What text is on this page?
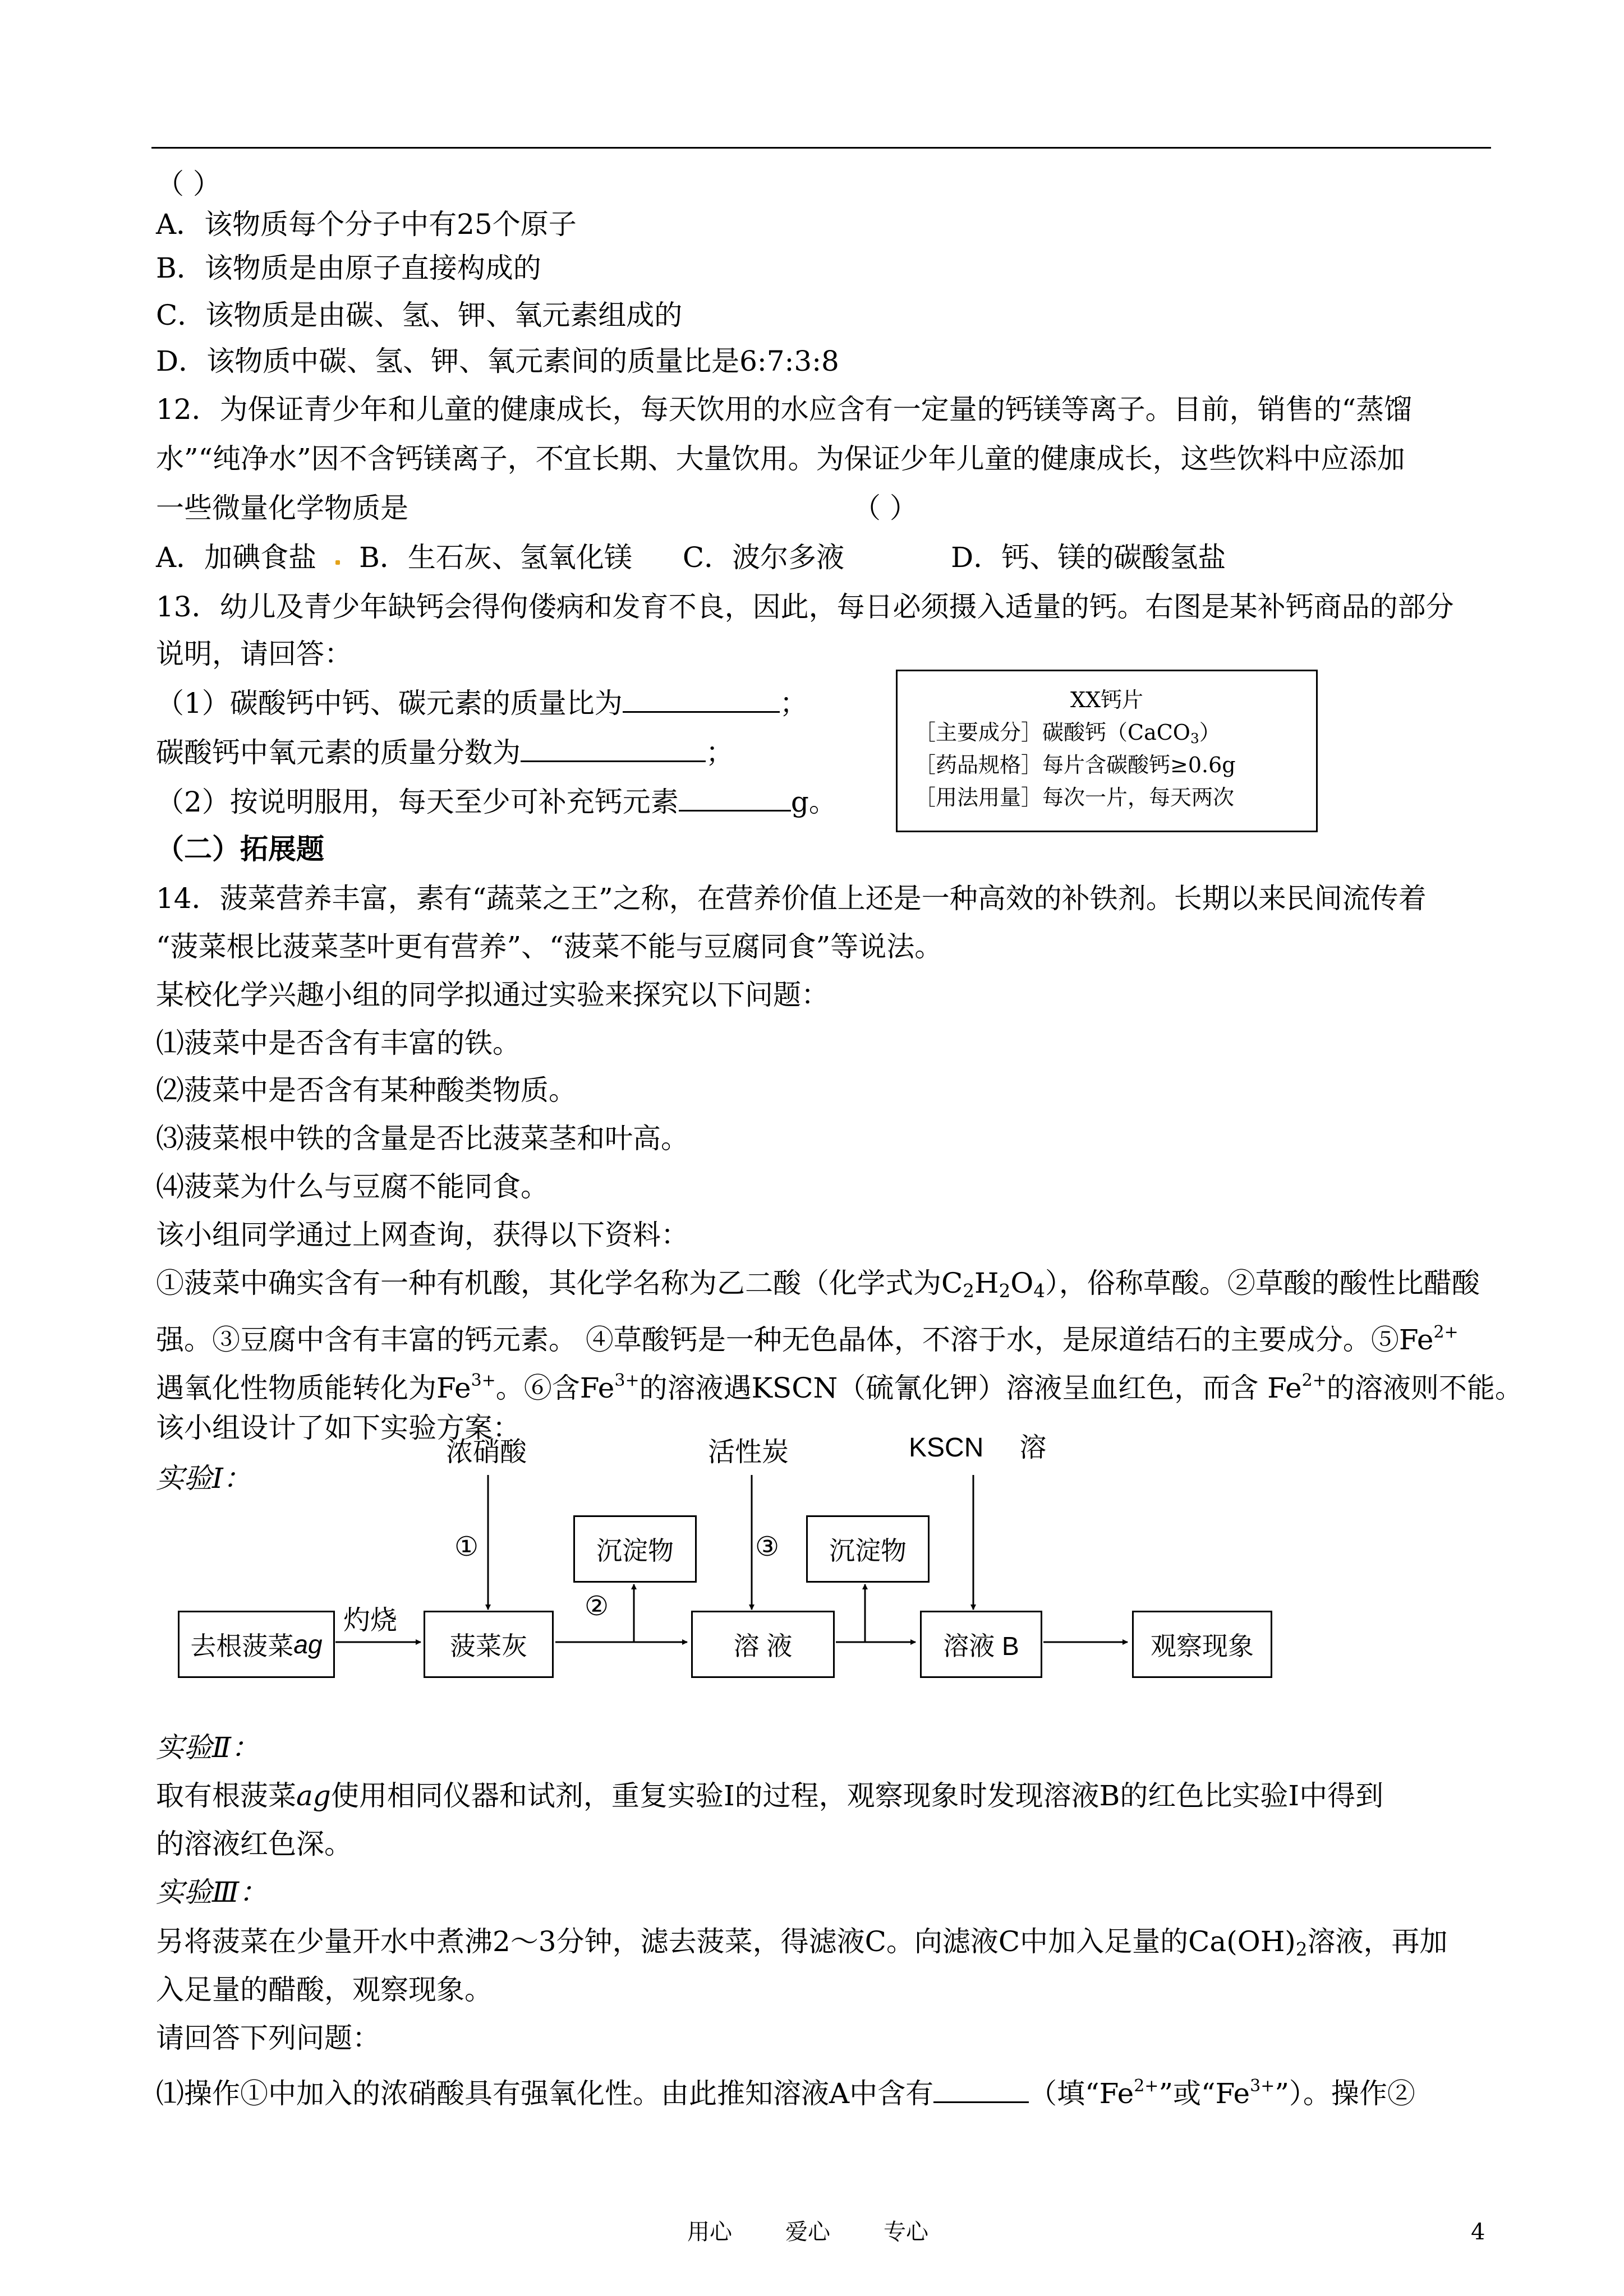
（ ）
A．该物质每个分子中有25个原子
B．该物质是由原子直接构成的
C．该物质是由碳、氢、钾、氧元素组成的
D．该物质中碳、氢、钾、氧元素间的质量比是6:7:3:8
12．为保证青少年和儿童的健康成长，每天饮用的水应含有一定量的钙镁等离子。目前，销售的“蒸馏
水”“纯净水”因不含钙镁离子，不宜长期、大量饮用。为保证少年儿童的健康成长，这些饮料中应添加
一些微量化学物质是	（ ）
A．加碘食盐 B．生石灰、氢氧化镁 C．波尔多液	D．钙、镁的碳酸氢盐
13．幼儿及青少年缺钙会得佝偻病和发育不良，因此，每日必须摄入适量的钙。右图是某补钙商品的部分
说明，请回答：
（1）碳酸钙中钙、碳元素的质量比为	；
碳酸钙中氧元素的质量分数为	；
（2）按说明服用，每天至少可补充钙元素	g。
XX钙片
［主要成分］碳酸钙（CaCO$_3$）
［药品规格］每片含碳酸钙≥0.6g
［用法用量］每次一片，每天两次
（二）拓展题
14．菠菜营养丰富，素有“蔬菜之王”之称，在营养价值上还是一种高效的补铁剂。长期以来民间流传着
“菠菜根比菠菜茎叶更有营养”、“菠菜不能与豆腐同食”等说法。
某校化学兴趣小组的同学拟通过实验来探究以下问题：
⑴菠菜中是否含有丰富的铁。
⑵菠菜中是否含有某种酸类物质。
⑶菠菜根中铁的含量是否比菠菜茎和叶高。
⑷菠菜为什么与豆腐不能同食。
该小组同学通过上网查询，获得以下资料：
①菠菜中确实含有一种有机酸，其化学名称为乙二酸（化学式为$C_2H_2O_4$），俗称草酸。②草酸的酸性比醋酸
强。③豆腐中含有丰富的钙元素。 ④草酸钙是一种无色晶体，不溶于水，是尿道结石的主要成分。$⑤Fe^{2+}$
遇氧化性物质能转化为$Fe^{3+}$。⑥含$Fe^{3+}$的溶液遇KSCN（硫氰化钾）溶液呈血红色，而含 $Fe^{2+}$的溶液则不能。
该小组设计了如下实验方案：
实验Ⅰ：
浓硝酸
①
活性炭
③
KSCN 溶
沉淀物	沉淀物
②
去根菠菜 ag
灼烧
菠菜灰	溶 液	溶液 B	观察现象
实验Ⅱ：
取有根菠菜ag使用相同仪器和试剂，重复实验Ⅰ的过程，观察现象时发现溶液B的红色比实验Ⅰ中得到
的溶液红色深。
实验Ⅲ：
另将菠菜在少量开水中煮沸2～3分钟，滤去菠菜，得滤液C。向滤液C中加入足量的$Ca(OH)_2$溶液，再加
入足量的醋酸，观察现象。
请回答下列问题：
⑴操作①中加入的浓硝酸具有强氧化性。由此推知溶液A中含有	（填“$Fe^{2+}$”或“$Fe^{3+}$”）。操作②
用心 爱心 专心	4
